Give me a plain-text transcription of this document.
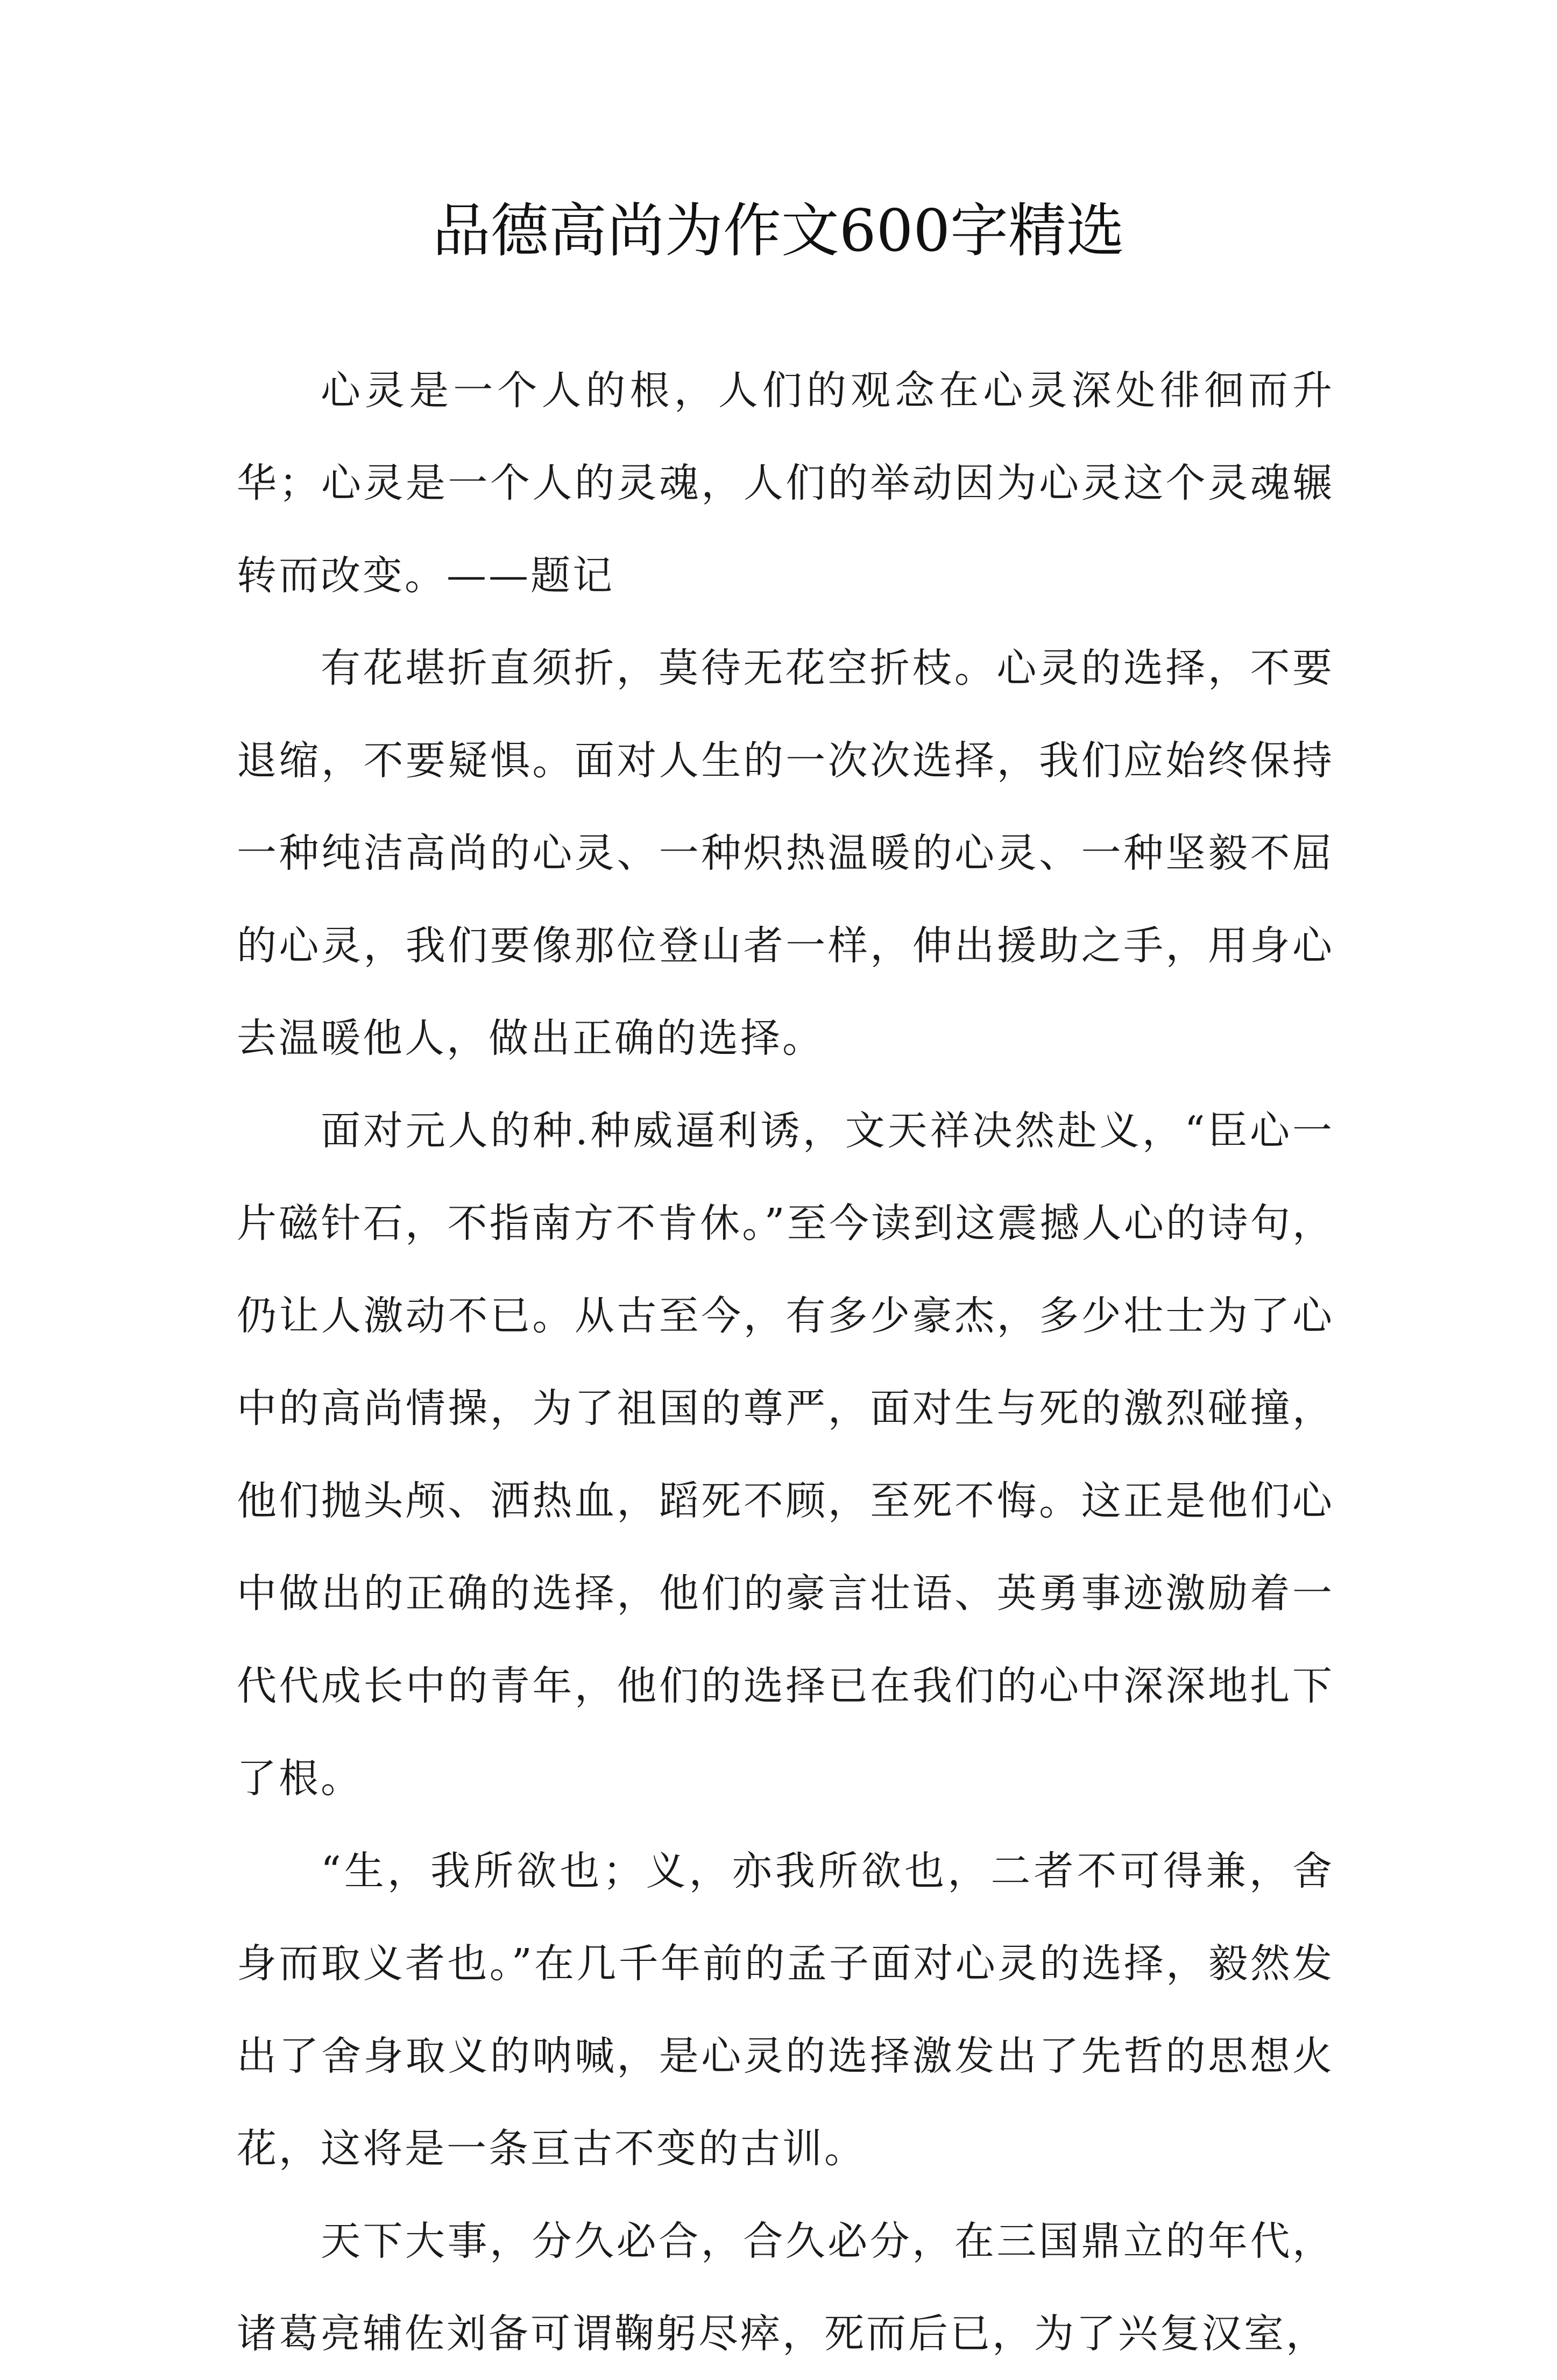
品德高尚为作文600字精选

心灵是一个人的根，人们的观念在心灵深处徘徊而升华；心灵是一个人的灵魂，人们的举动因为心灵这个灵魂辗转而改变。——题记

有花堪折直须折，莫待无花空折枝。心灵的选择，不要退缩，不要疑惧。面对人生的一次次选择，我们应始终保持一种纯洁高尚的心灵、一种炽热温暖的心灵、一种坚毅不屈的心灵，我们要像那位登山者一样，伸出援助之手，用身心去温暖他人，做出正确的选择。

面对元人的种.种威逼利诱，文天祥决然赴义，“臣心一片磁针石，不指南方不肯休。”至今读到这震撼人心的诗句，仍让人激动不已。从古至今，有多少豪杰，多少壮士为了心中的高尚情操，为了祖国的尊严，面对生与死的激烈碰撞，他们抛头颅、洒热血，蹈死不顾，至死不悔。这正是他们心中做出的正确的选择，他们的豪言壮语、英勇事迹激励着一代代成长中的青年，他们的选择已在我们的心中深深地扎下了根。

“生，我所欲也；义，亦我所欲也，二者不可得兼，舍身而取义者也。”在几千年前的孟子面对心灵的选择，毅然发出了舍身取义的呐喊，是心灵的选择激发出了先哲的思想火花，这将是一条亘古不变的古训。

天下大事，分久必合，合久必分，在三国鼎立的年代，诸葛亮辅佐刘备可谓鞠躬尽瘁，死而后已，为了兴复汉室，
